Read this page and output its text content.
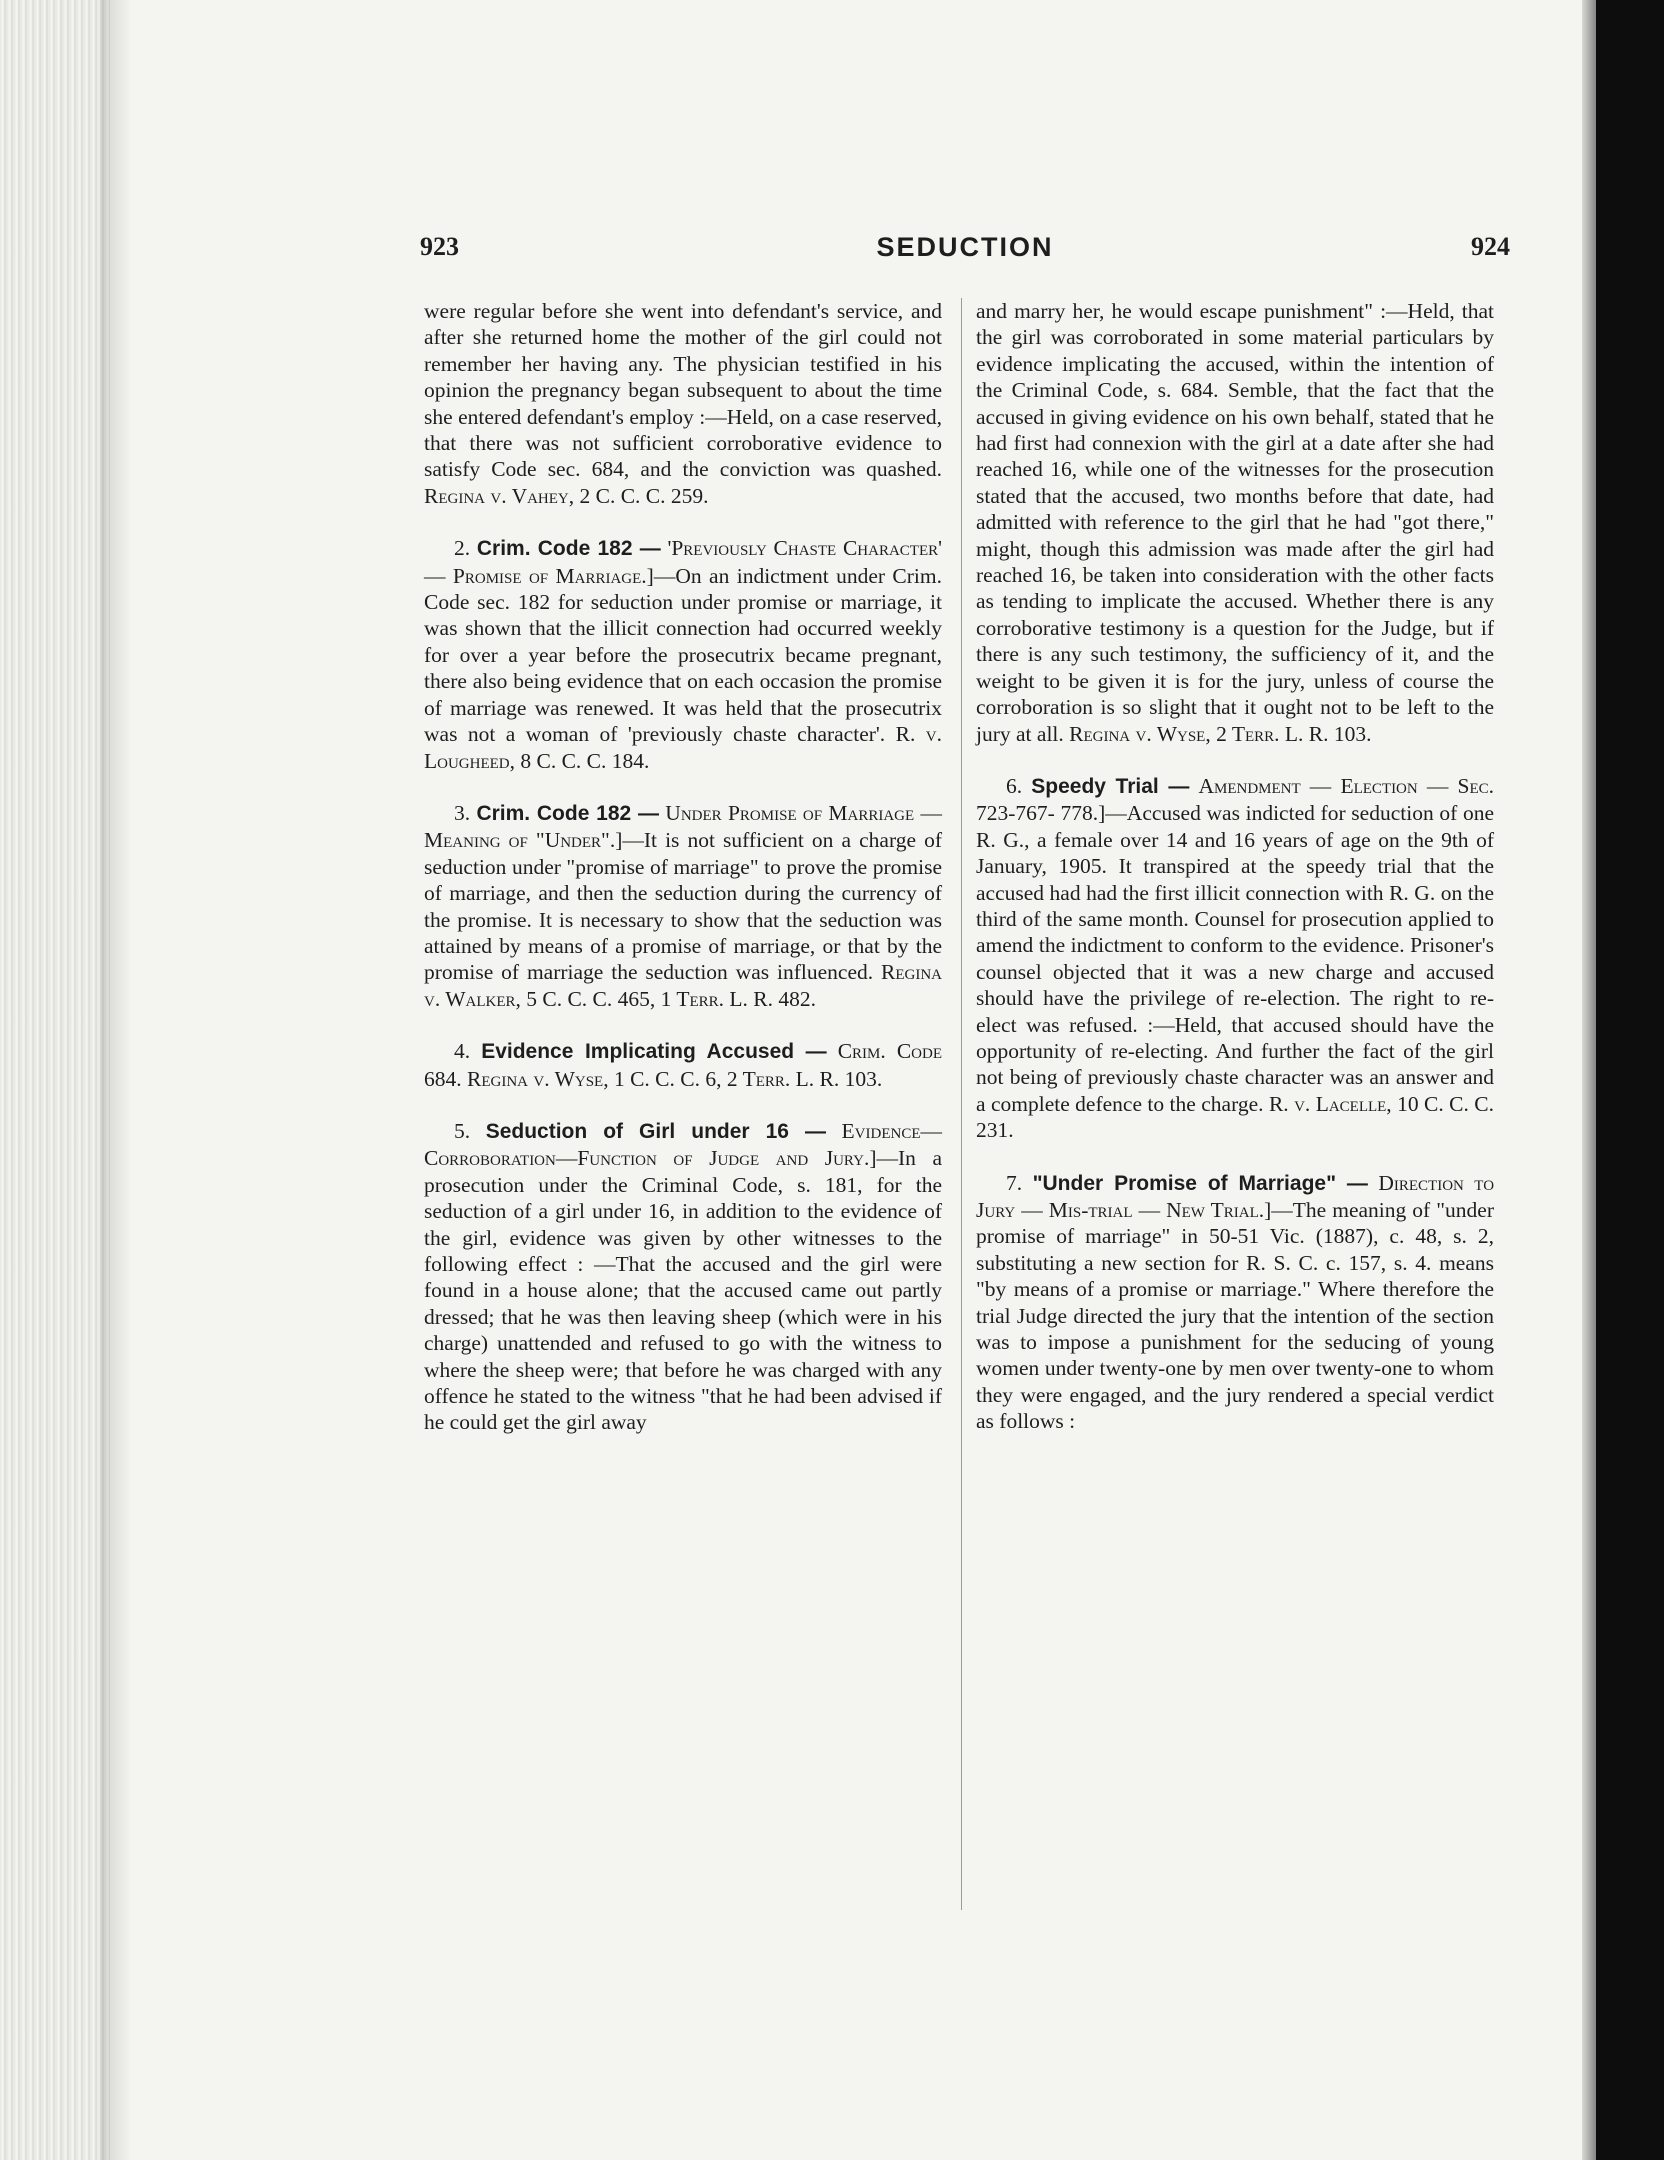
923	SEDUCTION	924

were regular before she went into defendant's service, and after she returned home the mother of the girl could not remember her having any. The physician testified in his opinion the pregnancy began subsequent to about the time she entered defendant's employ :—Held, on a case reserved, that there was not sufficient corroborative evidence to satisfy Code sec. 684, and the conviction was quashed. Regina v. Vahey, 2 C. C. C. 259.

2. Crim. Code 182 — 'Previously Chaste Character' — Promise of Marriage.]—On an indictment under Crim. Code sec. 182 for seduction under promise or marriage, it was shown that the illicit connection had occurred weekly for over a year before the prosecutrix became pregnant, there also being evidence that on each occasion the promise of marriage was renewed. It was held that the prosecutrix was not a woman of 'previously chaste character'. R. v. Lougheed, 8 C. C. C. 184.

3. Crim. Code 182 — Under Promise of Marriage — Meaning of "Under".]—It is not sufficient on a charge of seduction under "promise of marriage" to prove the promise of marriage, and then the seduction during the currency of the promise. It is necessary to show that the seduction was attained by means of a promise of marriage, or that by the promise of marriage the seduction was influenced. Regina v. Walker, 5 C. C. C. 465, 1 Terr. L. R. 482.

4. Evidence Implicating Accused — Crim. Code 684. Regina v. Wyse, 1 C. C. C. 6, 2 Terr. L. R. 103.

5. Seduction of Girl under 16 — Evidence—Corroboration—Function of Judge and Jury.]—In a prosecution under the Criminal Code, s. 181, for the seduction of a girl under 16, in addition to the evidence of the girl, evidence was given by other witnesses to the following effect : —That the accused and the girl were found in a house alone; that the accused came out partly dressed; that he was then leaving sheep (which were in his charge) unattended and refused to go with the witness to where the sheep were; that before he was charged with any offence he stated to the witness "that he had been advised if he could get the girl away

and marry her, he would escape punishment" :—Held, that the girl was corroborated in some material particulars by evidence implicating the accused, within the intention of the Criminal Code, s. 684. Semble, that the fact that the accused in giving evidence on his own behalf, stated that he had first had connexion with the girl at a date after she had reached 16, while one of the witnesses for the prosecution stated that the accused, two months before that date, had admitted with reference to the girl that he had "got there," might, though this admission was made after the girl had reached 16, be taken into consideration with the other facts as tending to implicate the accused. Whether there is any corroborative testimony is a question for the Judge, but if there is any such testimony, the sufficiency of it, and the weight to be given it is for the jury, unless of course the corroboration is so slight that it ought not to be left to the jury at all. Regina v. Wyse, 2 Terr. L. R. 103.

6. Speedy Trial — Amendment — Election — Sec. 723-767- 778.]—Accused was indicted for seduction of one R. G., a female over 14 and 16 years of age on the 9th of January, 1905. It transpired at the speedy trial that the accused had had the first illicit connection with R. G. on the third of the same month. Counsel for prosecution applied to amend the indictment to conform to the evidence. Prisoner's counsel objected that it was a new charge and accused should have the privilege of re-election. The right to re-elect was refused. :—Held, that accused should have the opportunity of re-electing. And further the fact of the girl not being of previously chaste character was an answer and a complete defence to the charge. R. v. Lacelle, 10 C. C. C. 231.

7. "Under Promise of Marriage" — Direction to Jury — Mis-trial — New Trial.]—The meaning of "under promise of marriage" in 50-51 Vic. (1887), c. 48, s. 2, substituting a new section for R. S. C. c. 157, s. 4. means "by means of a promise or marriage." Where therefore the trial Judge directed the jury that the intention of the section was to impose a punishment for the seducing of young women under twenty-one by men over twenty-one to whom they were engaged, and the jury rendered a special verdict as follows :
